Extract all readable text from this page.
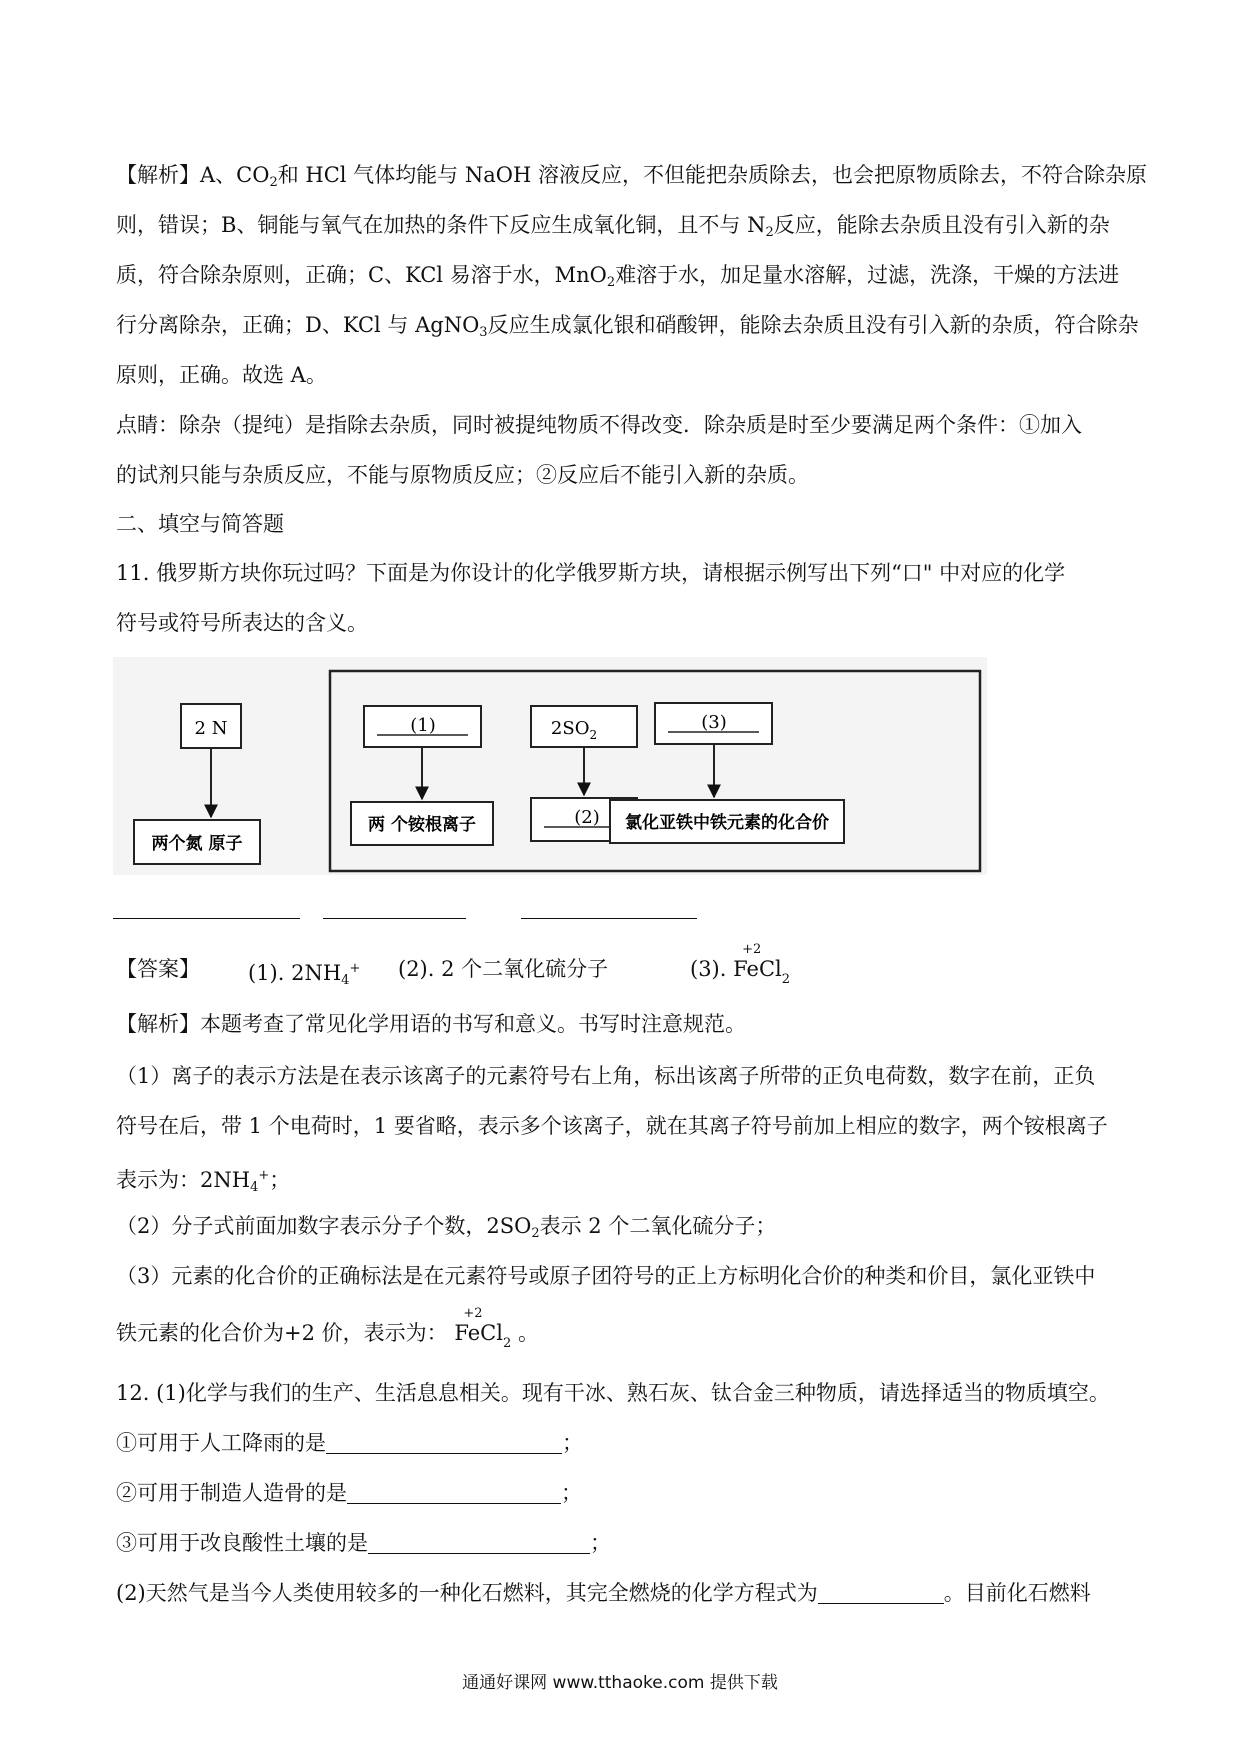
【解析】A、$CO_2$和 HCl 气体均能与 NaOH 溶液反应，不但能把杂质除去，也会把原物质除去，不符合除杂原
则，错误；B、铜能与氧气在加热的条件下反应生成氧化铜，且不与 $N_2$反应，能除去杂质且没有引入新的杂
质，符合除杂原则，正确；C、KCl 易溶于水，MnO$_2$难溶于水，加足量水溶解，过滤，洗涤，干燥的方法进
行分离除杂，正确；D、KCl 与 AgNO$_3$反应生成氯化银和硝酸钾，能除去杂质且没有引入新的杂质，符合除杂
原则，正确。故选 A。
点睛：除杂（提纯）是指除去杂质，同时被提纯物质不得改变．除杂质是时至少要满足两个条件：①加入
的试剂只能与杂质反应，不能与原物质反应；②反应后不能引入新的杂质。
二、填空与简答题
11. 俄罗斯方块你玩过吗？下面是为你设计的化学俄罗斯方块，请根据示例写出下列“口" 中对应的化学
符号或符号所表达的含义。
2 N
两个氮 原子
(1)
两 个铵根离子
$2SO_2$
(2)
(3)
氯化亚铁中铁元素的化合价
【答案】 (1). $2NH_4^+$ (2). 2 个二氧化硫分子	(3).
+2
FeCl$_2$
【解析】本题考查了常见化学用语的书写和意义。书写时注意规范。
（1）离子的表示方法是在表示该离子的元素符号右上角，标出该离子所带的正负电荷数，数字在前，正负
符号在后，带 1 个电荷时，1 要省略，表示多个该离子，就在其离子符号前加上相应的数字，两个铵根离子
表示为：$2NH_4^+$；
（2）分子式前面加数字表示分子个数，$2SO_2$表示 2 个二氧化硫分子；
（3）元素的化合价的正确标法是在元素符号或原子团符号的正上方标明化合价的种类和价目，氯化亚铁中
铁元素的化合价为+2 价，表示为：
+2
FeCl$_2$ 。
12. (1)化学与我们的生产、生活息息相关。现有干冰、熟石灰、钛合金三种物质，请选择适当的物质填空。
①可用于人工降雨的是	；
②可用于制造人造骨的是	；
③可用于改良酸性土壤的是	；
(2)天然气是当今人类使用较多的一种化石燃料，其完全燃烧的化学方程式为	。目前化石燃料
通通好课网 www.tthaoke.com 提供下载
